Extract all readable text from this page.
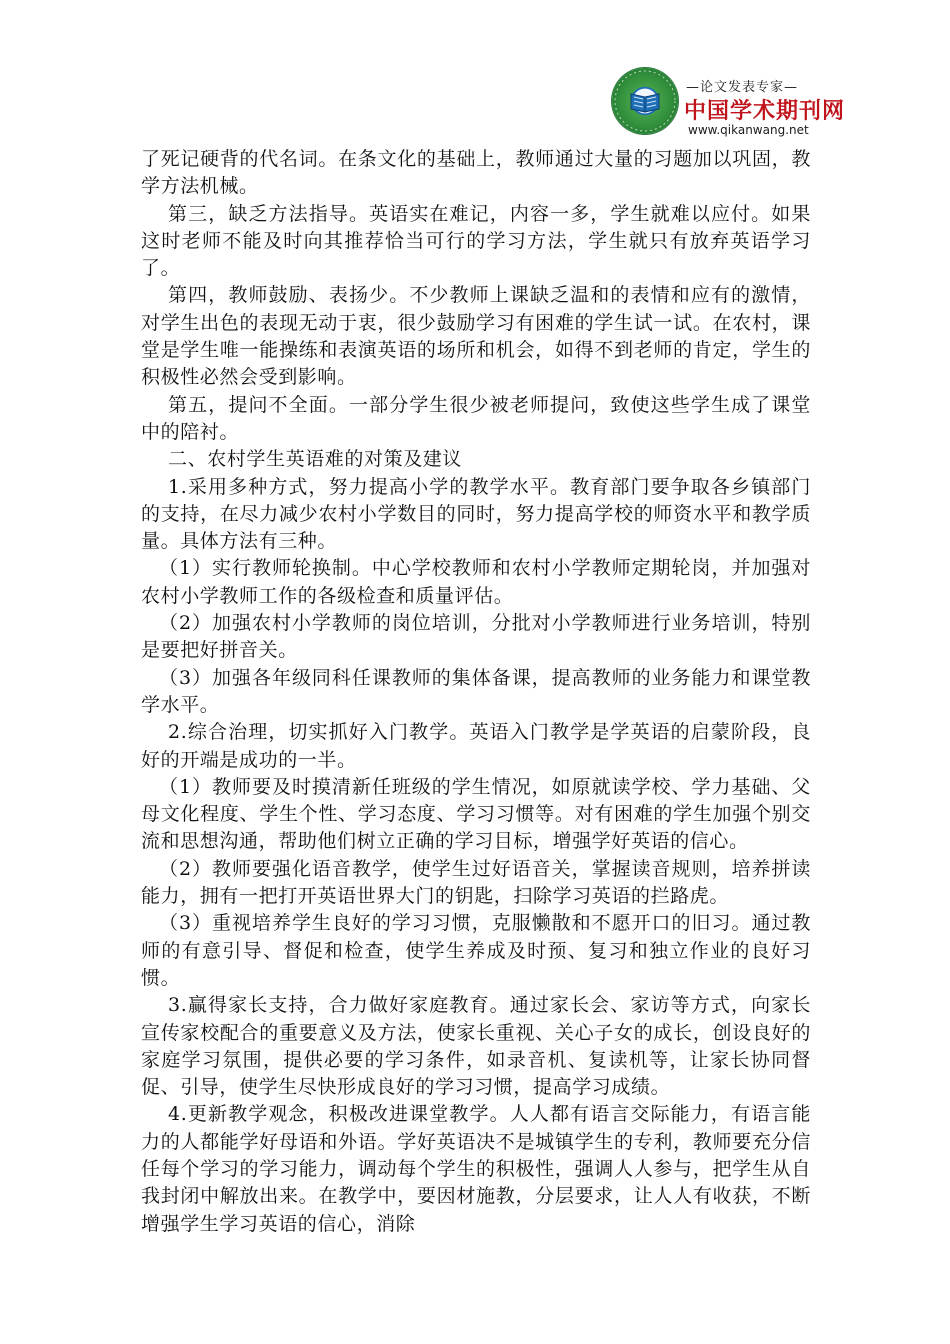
—论文发表专家—
中国学术期刊网
www.qikanwang.net

了死记硬背的代名词。在条文化的基础上，教师通过大量的习题加以巩固，教学方法机械。

第三，缺乏方法指导。英语实在难记，内容一多，学生就难以应付。如果这时老师不能及时向其推荐恰当可行的学习方法，学生就只有放弃英语学习了。

第四，教师鼓励、表扬少。不少教师上课缺乏温和的表情和应有的激情，对学生出色的表现无动于衷，很少鼓励学习有困难的学生试一试。在农村，课堂是学生唯一能操练和表演英语的场所和机会，如得不到老师的肯定，学生的积极性必然会受到影响。

第五，提问不全面。一部分学生很少被老师提问，致使这些学生成了课堂中的陪衬。

二、农村学生英语难的对策及建议

1.采用多种方式，努力提高小学的教学水平。教育部门要争取各乡镇部门的支持，在尽力减少农村小学数目的同时，努力提高学校的师资水平和教学质量。具体方法有三种。

（1）实行教师轮换制。中心学校教师和农村小学教师定期轮岗，并加强对农村小学教师工作的各级检查和质量评估。

（2）加强农村小学教师的岗位培训，分批对小学教师进行业务培训，特别是要把好拼音关。

（3）加强各年级同科任课教师的集体备课，提高教师的业务能力和课堂教学水平。

2.综合治理，切实抓好入门教学。英语入门教学是学英语的启蒙阶段，良好的开端是成功的一半。

（1）教师要及时摸清新任班级的学生情况，如原就读学校、学力基础、父母文化程度、学生个性、学习态度、学习习惯等。对有困难的学生加强个别交流和思想沟通，帮助他们树立正确的学习目标，增强学好英语的信心。

（2）教师要强化语音教学，使学生过好语音关，掌握读音规则，培养拼读能力，拥有一把打开英语世界大门的钥匙，扫除学习英语的拦路虎。

（3）重视培养学生良好的学习习惯，克服懒散和不愿开口的旧习。通过教师的有意引导、督促和检查，使学生养成及时预、复习和独立作业的良好习惯。

3.赢得家长支持，合力做好家庭教育。通过家长会、家访等方式，向家长宣传家校配合的重要意义及方法，使家长重视、关心子女的成长，创设良好的家庭学习氛围，提供必要的学习条件，如录音机、复读机等，让家长协同督促、引导，使学生尽快形成良好的学习习惯，提高学习成绩。

4.更新教学观念，积极改进课堂教学。人人都有语言交际能力，有语言能力的人都能学好母语和外语。学好英语决不是城镇学生的专利，教师要充分信任每个学习的学习能力，调动每个学生的积极性，强调人人参与，把学生从自我封闭中解放出来。在教学中，要因材施教，分层要求，让人人有收获，不断增强学生学习英语的信心，消除
